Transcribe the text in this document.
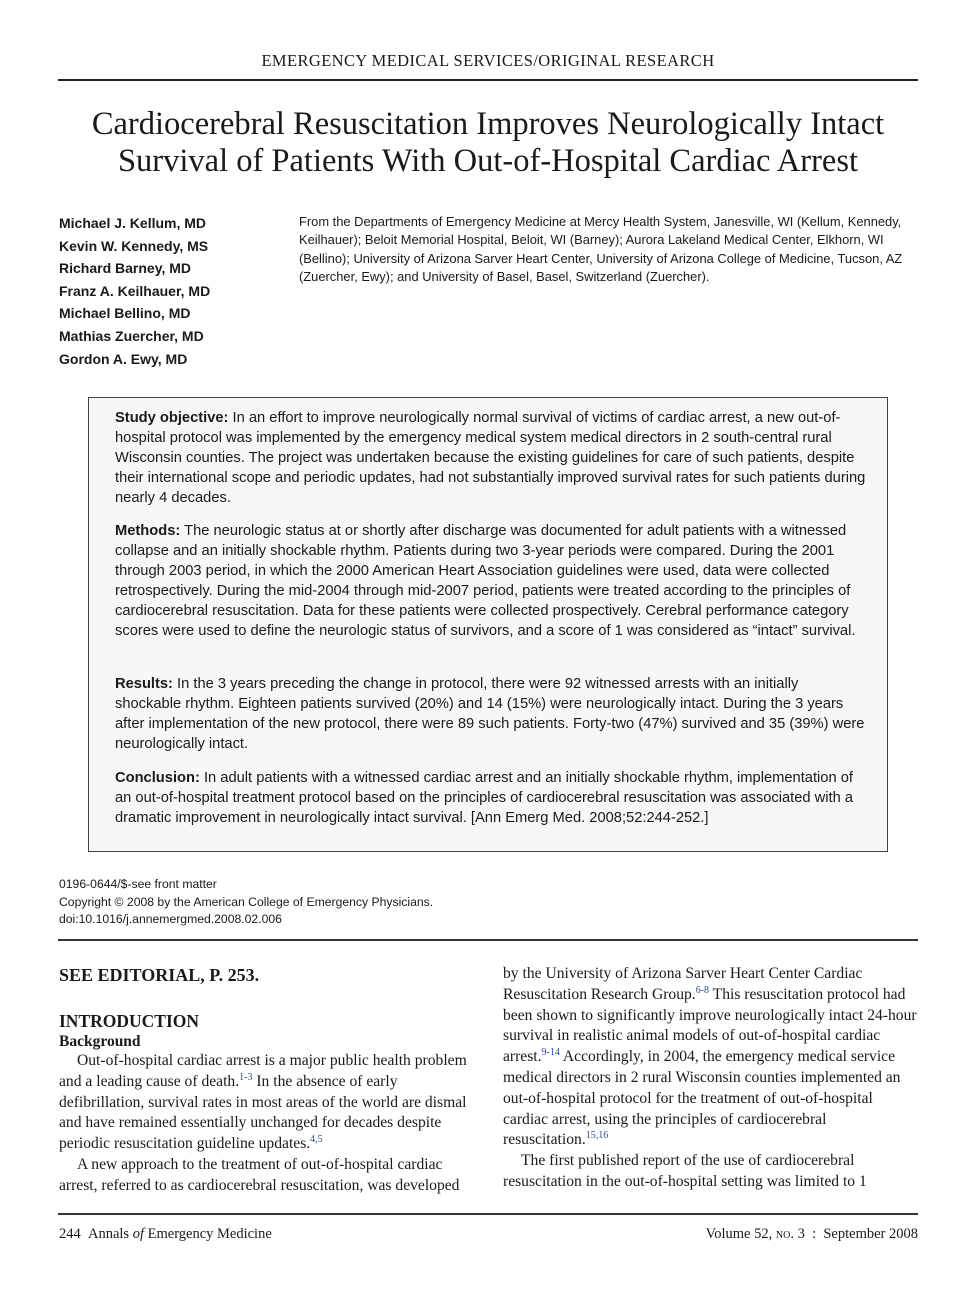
EMERGENCY MEDICAL SERVICES/ORIGINAL RESEARCH
Cardiocerebral Resuscitation Improves Neurologically Intact
Survival of Patients With Out-of-Hospital Cardiac Arrest
Michael J. Kellum, MD
Kevin W. Kennedy, MS
Richard Barney, MD
Franz A. Keilhauer, MD
Michael Bellino, MD
Mathias Zuercher, MD
Gordon A. Ewy, MD
From the Departments of Emergency Medicine at Mercy Health System, Janesville, WI (Kellum, Kennedy, Keilhauer); Beloit Memorial Hospital, Beloit, WI (Barney); Aurora Lakeland Medical Center, Elkhorn, WI (Bellino); University of Arizona Sarver Heart Center, University of Arizona College of Medicine, Tucson, AZ (Zuercher, Ewy); and University of Basel, Basel, Switzerland (Zuercher).
Study objective: In an effort to improve neurologically normal survival of victims of cardiac arrest, a new out-of-hospital protocol was implemented by the emergency medical system medical directors in 2 south-central rural Wisconsin counties. The project was undertaken because the existing guidelines for care of such patients, despite their international scope and periodic updates, had not substantially improved survival rates for such patients during nearly 4 decades.
Methods: The neurologic status at or shortly after discharge was documented for adult patients with a witnessed collapse and an initially shockable rhythm. Patients during two 3-year periods were compared. During the 2001 through 2003 period, in which the 2000 American Heart Association guidelines were used, data were collected retrospectively. During the mid-2004 through mid-2007 period, patients were treated according to the principles of cardiocerebral resuscitation. Data for these patients were collected prospectively. Cerebral performance category scores were used to define the neurologic status of survivors, and a score of 1 was considered as “intact” survival.
Results: In the 3 years preceding the change in protocol, there were 92 witnessed arrests with an initially shockable rhythm. Eighteen patients survived (20%) and 14 (15%) were neurologically intact. During the 3 years after implementation of the new protocol, there were 89 such patients. Forty-two (47%) survived and 35 (39%) were neurologically intact.
Conclusion: In adult patients with a witnessed cardiac arrest and an initially shockable rhythm, implementation of an out-of-hospital treatment protocol based on the principles of cardiocerebral resuscitation was associated with a dramatic improvement in neurologically intact survival. [Ann Emerg Med. 2008;52:244-252.]
0196-0644/$-see front matter
Copyright © 2008 by the American College of Emergency Physicians.
doi:10.1016/j.annemergmed.2008.02.006
SEE EDITORIAL, P. 253.
INTRODUCTION
Background
Out-of-hospital cardiac arrest is a major public health problem and a leading cause of death.$^{1-3}$ In the absence of early defibrillation, survival rates in most areas of the world are dismal and have remained essentially unchanged for decades despite periodic resuscitation guideline updates.$^{4,5}$
A new approach to the treatment of out-of-hospital cardiac arrest, referred to as cardiocerebral resuscitation, was developed
by the University of Arizona Sarver Heart Center Cardiac Resuscitation Research Group.$^{6-8}$ This resuscitation protocol had been shown to significantly improve neurologically intact 24-hour survival in realistic animal models of out-of-hospital cardiac arrest.$^{9-14}$ Accordingly, in 2004, the emergency medical service medical directors in 2 rural Wisconsin counties implemented an out-of-hospital protocol for the treatment of out-of-hospital cardiac arrest, using the principles of cardiocerebral resuscitation.$^{15,16}$
The first published report of the use of cardiocerebral resuscitation in the out-of-hospital setting was limited to 1
244 Annals of Emergency Medicine	Volume 52, no. 3  :  September 2008
